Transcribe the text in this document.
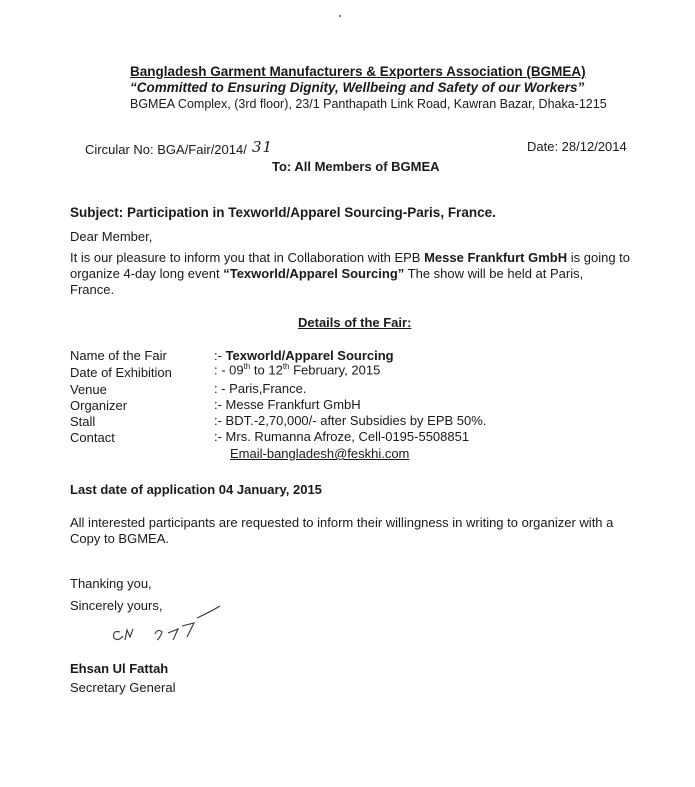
Bangladesh Garment Manufacturers & Exporters Association (BGMEA)
“Committed to Ensuring Dignity, Wellbeing and Safety of our Workers”
BGMEA Complex, (3rd floor), 23/1 Panthapath Link Road, Kawran Bazar, Dhaka-1215
Circular No: BGA/Fair/2014/ 31	Date: 28/12/2014
To: All Members of BGMEA
Subject: Participation in Texworld/Apparel Sourcing-Paris, France.
Dear Member,
It is our pleasure to inform you that in Collaboration with EPB Messe Frankfurt GmbH is going to organize 4-day long event “Texworld/Apparel Sourcing” The show will be held at Paris, France.
Details of the Fair:
Name of the Fair	:- Texworld/Apparel Sourcing
Date of Exhibition	: - 09th to 12th February, 2015
Venue	: - Paris,France.
Organizer	:- Messe Frankfurt GmbH
Stall	:- BDT.-2,70,000/- after Subsidies by EPB 50%.
Contact	:- Mrs. Rumanna Afroze, Cell-0195-5508851
Email-bangladesh@feskhi.com
Last date of application 04 January, 2015
All interested participants are requested to inform their willingness in writing to organizer with a Copy to BGMEA.
Thanking you,
Sincerely yours,
Ehsan Ul Fattah
Secretary General
